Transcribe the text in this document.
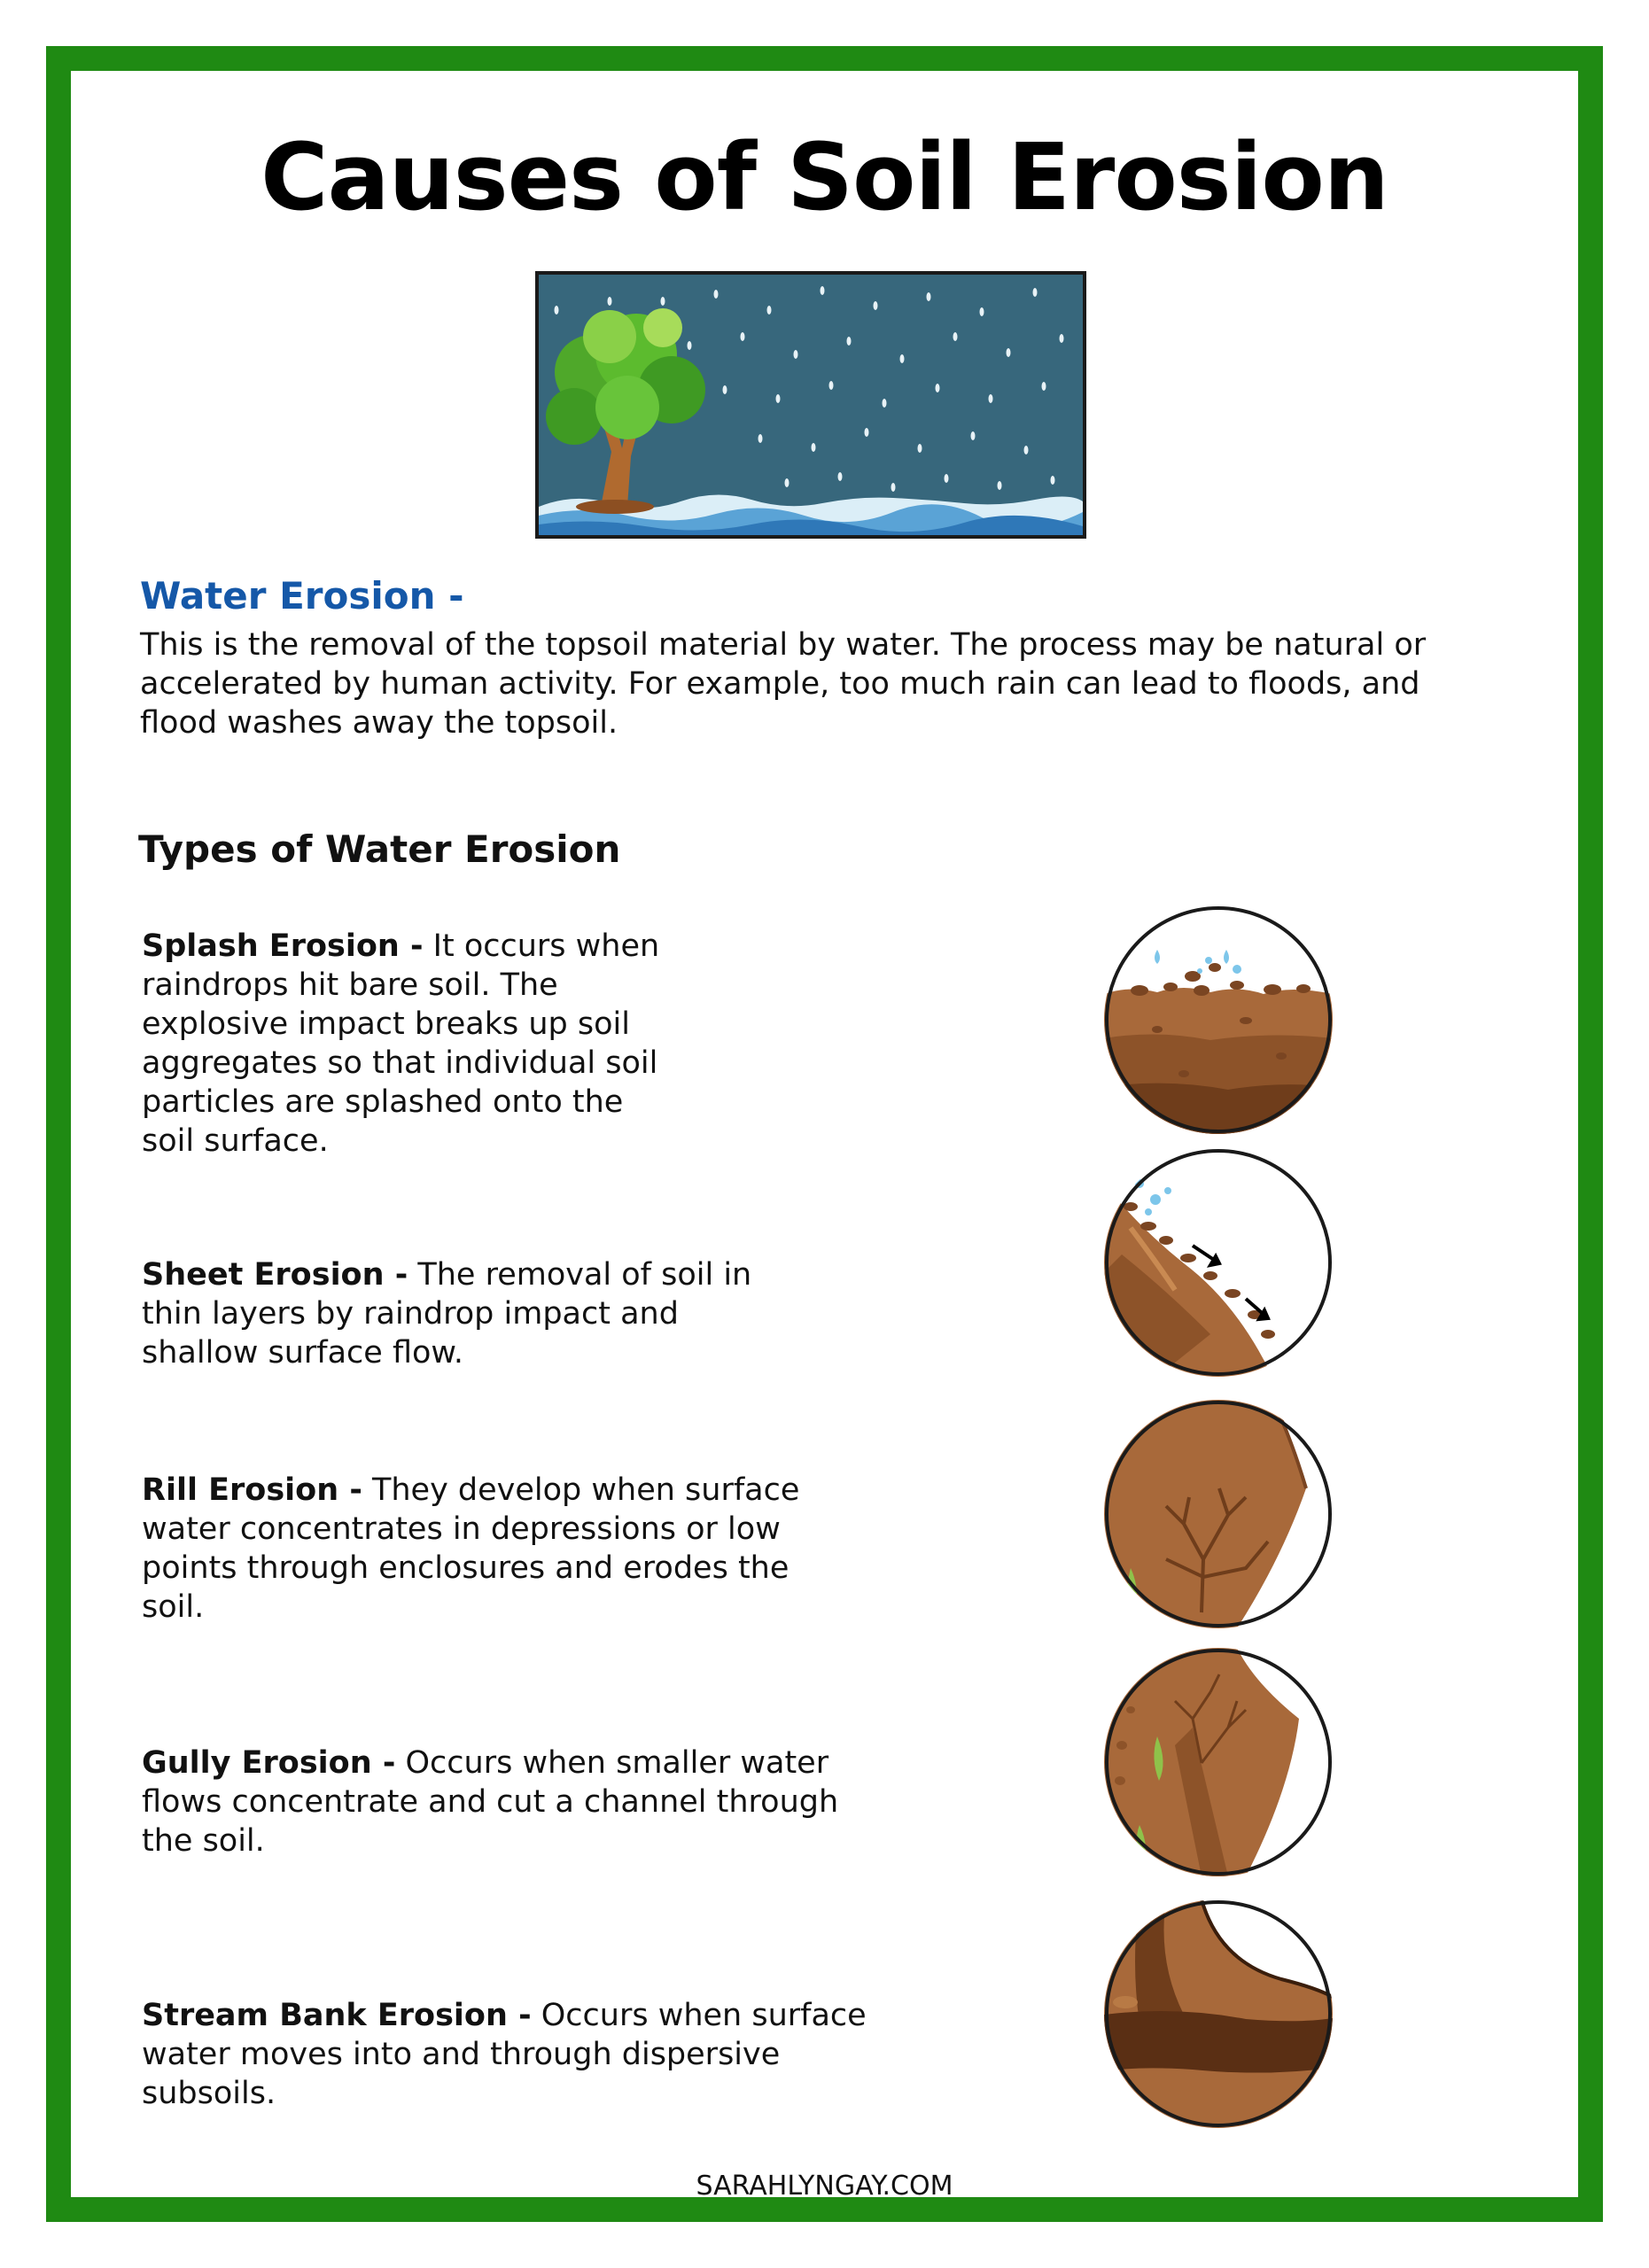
Causes of Soil Erosion
Water Erosion -
This is the removal of the topsoil material by water. The process may be natural or accelerated by human activity. For example, too much rain can lead to floods, and flood washes away the topsoil.
Types of Water Erosion
Splash Erosion - It occurs when raindrops hit bare soil. The explosive impact breaks up soil aggregates so that individual soil particles are splashed onto the soil surface.
Sheet Erosion - The removal of soil in thin layers by raindrop impact and shallow surface flow.
Rill Erosion - They develop when surface water concentrates in depressions or low points through enclosures and erodes the soil.
Gully Erosion - Occurs when smaller water flows concentrate and cut a channel through the soil.
Stream Bank Erosion - Occurs when surface water moves into and through dispersive subsoils.
SARAHLYNGAY.COM
